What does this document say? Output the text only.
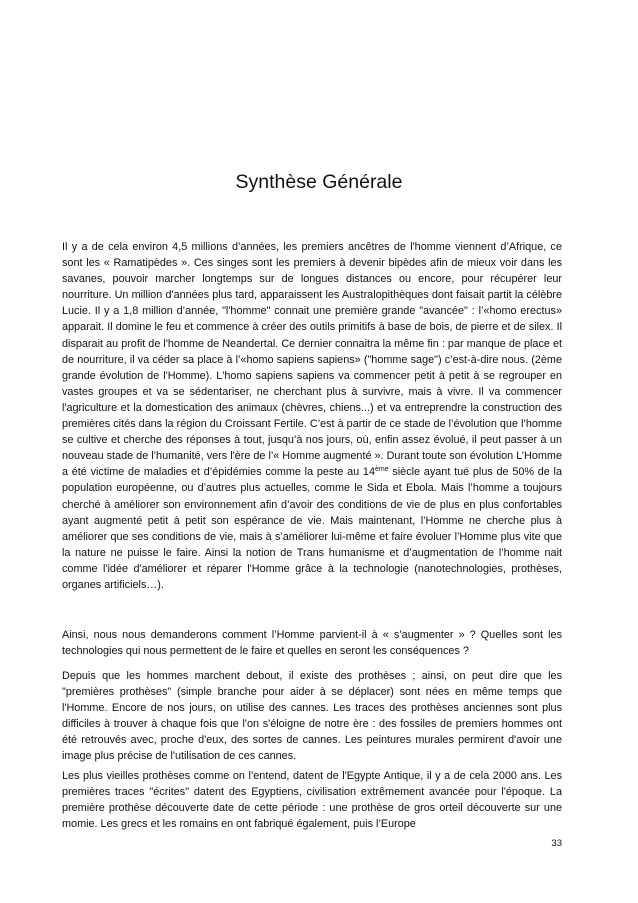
Synthèse Générale

Il y a de cela environ 4,5 millions d’années, les premiers ancêtres de l'homme viennent d’Afrique, ce sont les « Ramatipèdes ». Ces singes sont les premiers à devenir bipèdes afin de mieux voir dans les savanes, pouvoir marcher longtemps sur de longues distances ou encore, pour récupérer leur nourriture. Un million d'années plus tard, apparaissent les Australopithèques dont faisait partit la célèbre Lucie. Il y a 1,8 million d’année, "l'homme" connait une première grande "avancée" : l’«homo erectus» apparait. Il domine le feu et commence à créer des outils primitifs à base de bois, de pierre et de silex. Il disparait au profit de l'homme de Neandertal. Ce dernier connaitra la même fin : par manque de place et de nourriture, il va céder sa place à l’«homo sapiens sapiens» ("homme sage") c’est-à-dire nous. (2ème grande évolution de l'Homme). L'homo sapiens sapiens va commencer petit à petit à se regrouper en vastes groupes et va se sédentariser, ne cherchant plus à survivre, mais à vivre. Il va commencer l'agriculture et la domestication des animaux (chèvres, chiens...) et va entreprendre la construction des premières cités dans la région du Croissant Fertile. C’est à partir de ce stade de l’évolution que l’homme se cultive et cherche des réponses à tout, jusqu’à nos jours, où, enfin assez évolué, il peut passer à un nouveau stade de l’humanité, vers l'ère de l’« Homme augmenté ». Durant toute son évolution L’Homme a été victime de maladies et d’épidémies comme la peste au 14ème siècle ayant tué plus de 50% de la population européenne, ou d’autres plus actuelles, comme le Sida et Ebola. Mais l’homme a toujours cherché à améliorer son environnement afin d’avoir des conditions de vie de plus en plus confortables ayant augmenté petit à petit son espérance de vie. Mais maintenant, l’Homme ne cherche plus à améliorer que ses conditions de vie, mais à s’améliorer lui-même et faire évoluer l’Homme plus vite que la nature ne puisse le faire. Ainsi la notion de Trans humanisme et d’augmentation de l’homme nait comme l'idée d'améliorer et réparer l'Homme grâce à la technologie (nanotechnologies, prothèses, organes artificiels…).

Ainsi, nous nous demanderons comment l’Homme parvient-il à « s’augmenter » ? Quelles sont les technologies qui nous permettent de le faire et quelles en seront les conséquences ?

Depuis que les hommes marchent debout, il existe des prothèses ; ainsi, on peut dire que les "premières prothèses" (simple branche pour aider à se déplacer) sont nées en même temps que l'Homme. Encore de nos jours, on utilise des cannes. Les traces des prothèses anciennes sont plus difficiles à trouver à chaque fois que l'on s'éloigne de notre ère : des fossiles de premiers hommes ont été retrouvés avec, proche d'eux, des sortes de cannes. Les peintures murales permirent d'avoir une image plus précise de l'utilisation de ces cannes.

Les plus vieilles prothèses comme on l’entend, datent de l'Egypte Antique, il y a de cela 2000 ans. Les premières traces "écrites" datent des Egyptiens, civilisation extrêmement avancée pour l'époque. La première prothèse découverte date de cette période : une prothèse de gros orteil découverte sur une momie. Les grecs et les romains en ont fabriqué également, puis l’Europe

33
